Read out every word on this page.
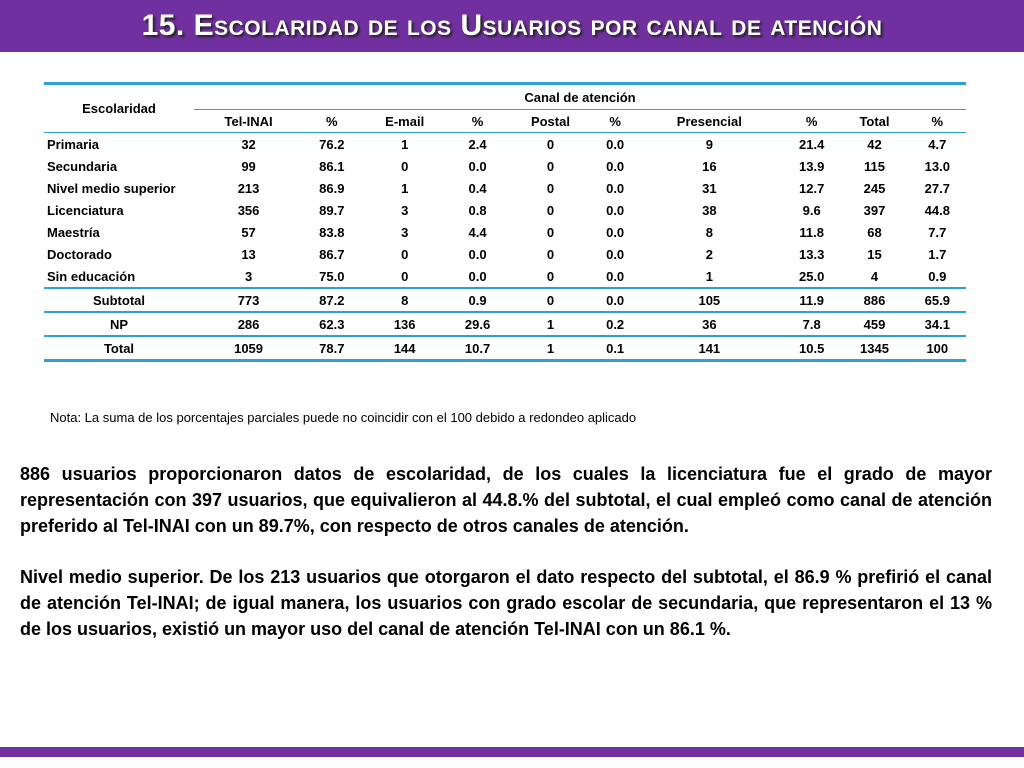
15. Escolaridad de los Usuarios por canal de atención
Escolaridad	Canal de atención									
	Tel-INAI	%	E-mail	%	Postal	%	Presencial	%	Total	%
Primaria	32	76.2	1	2.4	0	0.0	9	21.4	42	4.7
Secundaria	99	86.1	0	0.0	0	0.0	16	13.9	115	13.0
Nivel medio superior	213	86.9	1	0.4	0	0.0	31	12.7	245	27.7
Licenciatura	356	89.7	3	0.8	0	0.0	38	9.6	397	44.8
Maestría	57	83.8	3	4.4	0	0.0	8	11.8	68	7.7
Doctorado	13	86.7	0	0.0	0	0.0	2	13.3	15	1.7
Sin educación	3	75.0	0	0.0	0	0.0	1	25.0	4	0.9
Subtotal	773	87.2	8	0.9	0	0.0	105	11.9	886	65.9
NP	286	62.3	136	29.6	1	0.2	36	7.8	459	34.1
Total	1059	78.7	144	10.7	1	0.1	141	10.5	1345	100
Nota: La suma de los porcentajes parciales puede no coincidir con el 100 debido a redondeo aplicado

886 usuarios proporcionaron datos de escolaridad, de los cuales la licenciatura fue el grado de mayor representación con 397 usuarios, que equivalieron al 44.8.% del subtotal, el cual empleó como canal de atención preferido al Tel-INAI con un 89.7%, con respecto de otros canales de atención.

Nivel medio superior. De los 213 usuarios que otorgaron el dato respecto del subtotal, el 86.9 % prefirió el canal de atención Tel-INAI; de igual manera, los usuarios con grado escolar de secundaria, que representaron el 13 % de los usuarios, existió un mayor uso del canal de atención Tel-INAI con un 86.1 %.
